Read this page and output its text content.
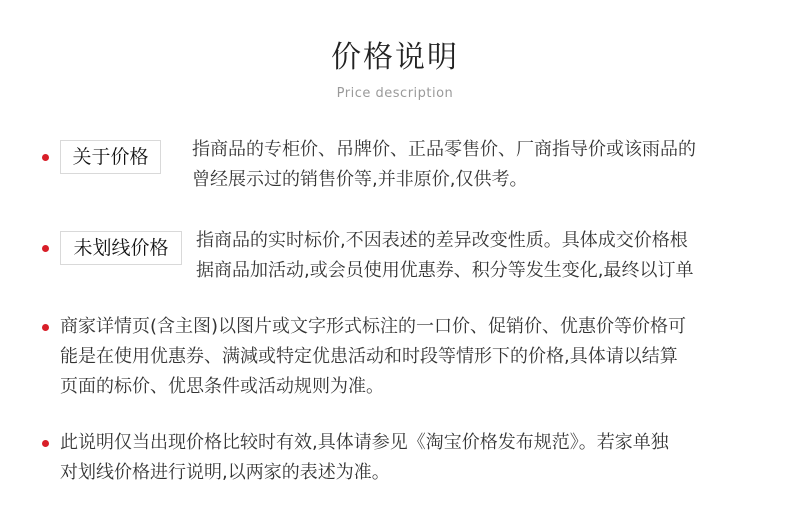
价格说明
Price description
关于价格	指商品的专柜价、吊牌价、正品零售价、厂商指导价或该雨品的
曾经展示过的销售价等,并非原价,仅供考。
未划线价格	指商品的实时标价,不因表述的差异改变性质。具体成交价格根
据商品加活动,或会员使用优惠券、积分等发生变化,最终以订单
商家详情页(含主图)以图片或文字形式标注的一口价、促销价、优惠价等价格可
能是在使用优惠券、满減或特定优患活动和时段等情形下的价格,具体请以结算
页面的标价、优思条件或活动规则为准。
此说明仅当出现价格比较时有效,具体请参见《淘宝价格发布规范》。若家单独
对划线价格进行说明,以两家的表述为准。
